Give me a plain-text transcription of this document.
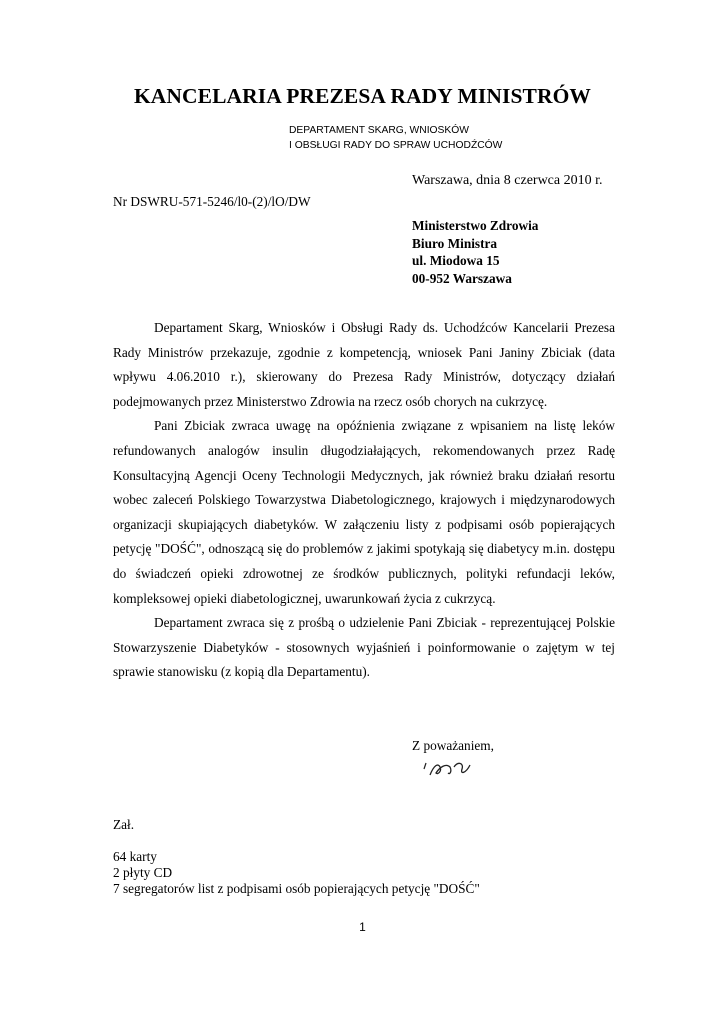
KANCELARIA PREZESA RADY MINISTRÓW
DEPARTAMENT SKARG, WNIOSKÓW
I OBSŁUGI RADY DO SPRAW UCHODŹCÓW
Warszawa, dnia 8 czerwca 2010 r.
Nr DSWRU-571-5246/l0-(2)/lO/DW
Ministerstwo Zdrowia
Biuro Ministra
ul. Miodowa 15
00-952 Warszawa

Departament Skarg, Wniosków i Obsługi Rady ds. Uchodźców Kancelarii Prezesa Rady Ministrów przekazuje, zgodnie z kompetencją, wniosek Pani Janiny Zbiciak (data wpływu 4.06.2010 r.), skierowany do Prezesa Rady Ministrów, dotyczący działań podejmowanych przez Ministerstwo Zdrowia na rzecz osób chorych na cukrzycę.

Pani Zbiciak zwraca uwagę na opóźnienia związane z wpisaniem na listę leków refundowanych analogów insulin długodziałających, rekomendowanych przez Radę Konsultacyjną Agencji Oceny Technologii Medycznych, jak również braku działań resortu wobec zaleceń Polskiego Towarzystwa Diabetologicznego, krajowych i międzynarodowych organizacji skupiających diabetyków. W załączeniu listy z podpisami osób popierających petycję "DOŚĆ", odnoszącą się do problemów z jakimi spotykają się diabetycy m.in. dostępu do świadczeń opieki zdrowotnej ze środków publicznych, polityki refundacji leków, kompleksowej opieki diabetologicznej, uwarunkowań życia z cukrzycą.

Departament zwraca się z prośbą o udzielenie Pani Zbiciak - reprezentującej Polskie Stowarzyszenie Diabetyków - stosownych wyjaśnień i poinformowanie o zajętym w tej sprawie stanowisku (z kopią dla Departamentu).

Z poważaniem,
Zał.
64 karty
2 płyty CD
7 segregatorów list z podpisami osób popierających petycję "DOŚĆ"
1
